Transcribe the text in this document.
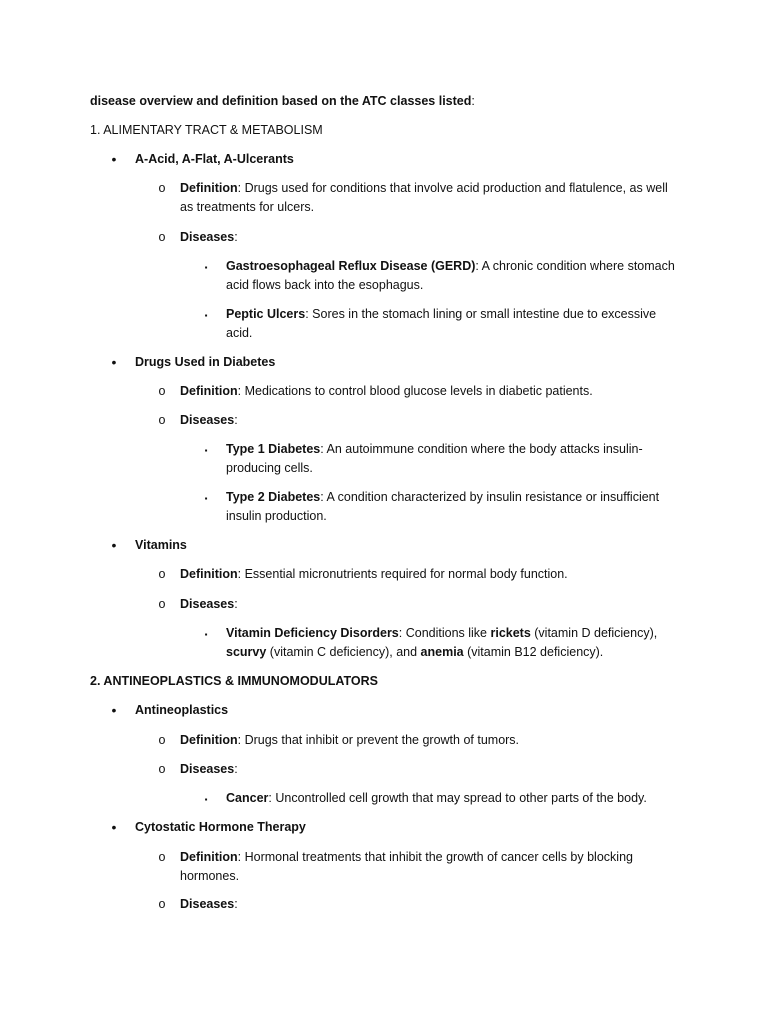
disease overview and definition based on the ATC classes listed:
1. ALIMENTARY TRACT & METABOLISM
•	A-Acid, A-Flat, A-Ulcerants
o Definition: Drugs used for conditions that involve acid production and flatulence, as well as treatments for ulcers.
o Diseases:
▪	Gastroesophageal Reflux Disease (GERD): A chronic condition where stomach acid flows back into the esophagus.
▪	Peptic Ulcers: Sores in the stomach lining or small intestine due to excessive acid.
•	Drugs Used in Diabetes
o Definition: Medications to control blood glucose levels in diabetic patients.
o Diseases:
▪	Type 1 Diabetes: An autoimmune condition where the body attacks insulin-producing cells.
▪	Type 2 Diabetes: A condition characterized by insulin resistance or insufficient insulin production.
•	Vitamins
o Definition: Essential micronutrients required for normal body function.
o Diseases:
▪	Vitamin Deficiency Disorders: Conditions like rickets (vitamin D deficiency),
scurvy (vitamin C deficiency), and anemia (vitamin B12 deficiency).
2. ANTINEOPLASTICS & IMMUNOMODULATORS
•	Antineoplastics
o Definition: Drugs that inhibit or prevent the growth of tumors.
o Diseases:
▪	Cancer: Uncontrolled cell growth that may spread to other parts of the body.
•	Cytostatic Hormone Therapy
o Definition: Hormonal treatments that inhibit the growth of cancer cells by blocking hormones.
o Diseases:
